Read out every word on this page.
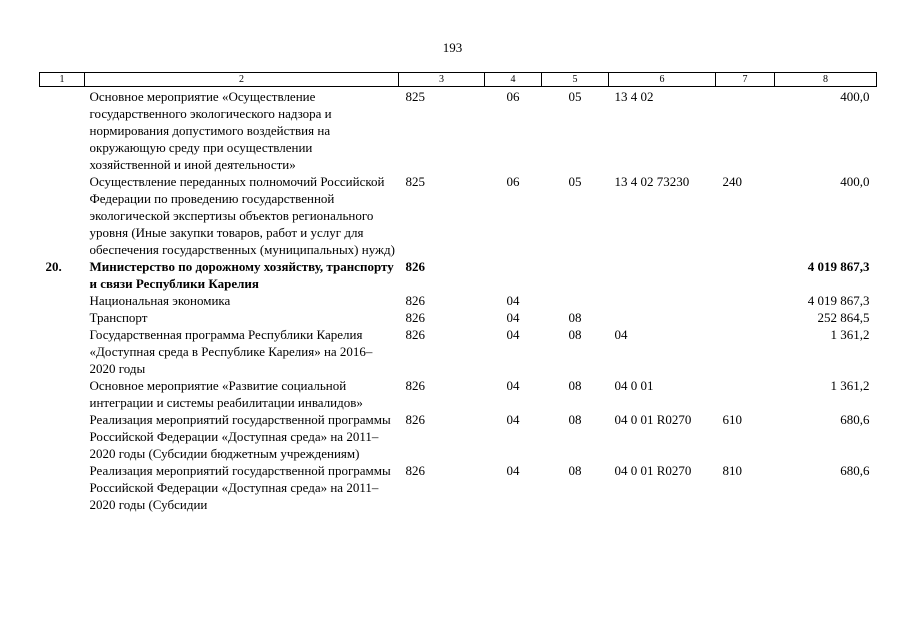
193
1	2	3	4	5	6	7	8
	Основное мероприятие «Осуществление государственного экологического надзора и нормирования допустимого воздействия на окружающую среду при осуществлении хозяйственной и иной деятельности»	825	06	05	13 4 02		400,0
	Осуществление переданных полномочий Российской Федерации по проведению государственной экологической экспертизы объектов регионального уровня (Иные закупки товаров, работ и услуг для обеспечения государственных (муниципальных) нужд)	825	06	05	13 4 02 73230	240	400,0
20.	Министерство по дорожному хозяйству, транспорту и связи Республики Карелия	826					4 019 867,3
	Национальная экономика	826	04				4 019 867,3
	Транспорт	826	04	08			252 864,5
	Государственная программа Республики Карелия «Доступная среда в Республике Карелия» на 2016–2020 годы	826	04	08	04		1 361,2
	Основное мероприятие «Развитие социальной интеграции и системы реабилитации инвалидов»	826	04	08	04 0 01		1 361,2
	Реализация мероприятий государственной программы Российской Федерации «Доступная среда» на 2011–2020 годы (Субсидии бюджетным учреждениям)	826	04	08	04 0 01 R0270	610	680,6
	Реализация мероприятий государственной программы Российской Федерации «Доступная среда» на 2011–2020 годы (Субсидии	826	04	08	04 0 01 R0270	810	680,6
